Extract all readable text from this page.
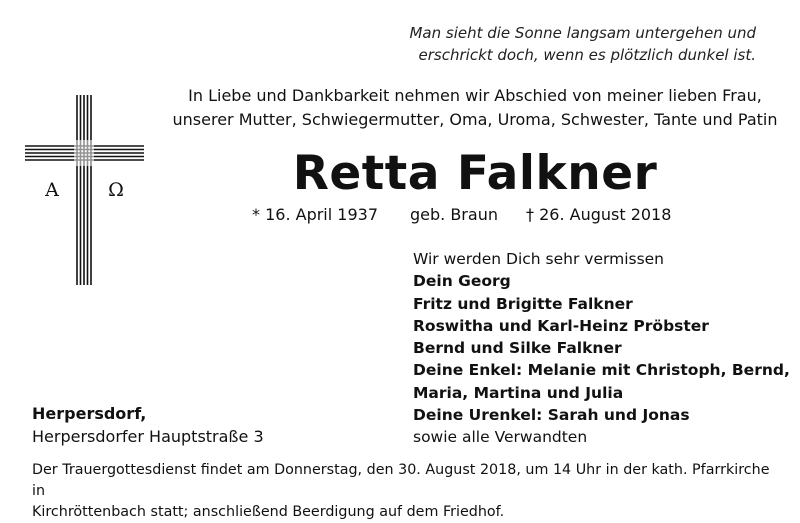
Man sieht die Sonne langsam untergehen und
erschrickt doch, wenn es plötzlich dunkel ist.
In Liebe und Dankbarkeit nehmen wir Abschied von meiner lieben Frau,
unserer Mutter, Schwiegermutter, Oma, Uroma, Schwester, Tante und Patin
A	Ω	Retta Falkner
* 16. April 1937 geb. Braun † 26. August 2018
Wir werden Dich sehr vermissen
Dein Georg
Fritz und Brigitte Falkner
Roswitha und Karl-Heinz Pröbster
Bernd und Silke Falkner
Deine Enkel: Melanie mit Christoph, Bernd,
Maria, Martina und Julia
Deine Urenkel: Sarah und Jonas
sowie alle Verwandten
Herpersdorf,
Herpersdorfer Hauptstraße 3
Der Trauergottesdienst findet am Donnerstag, den 30. August 2018, um 14 Uhr in der kath. Pfarrkirche in
Kirchröttenbach statt; anschließend Beerdigung auf dem Friedhof.
